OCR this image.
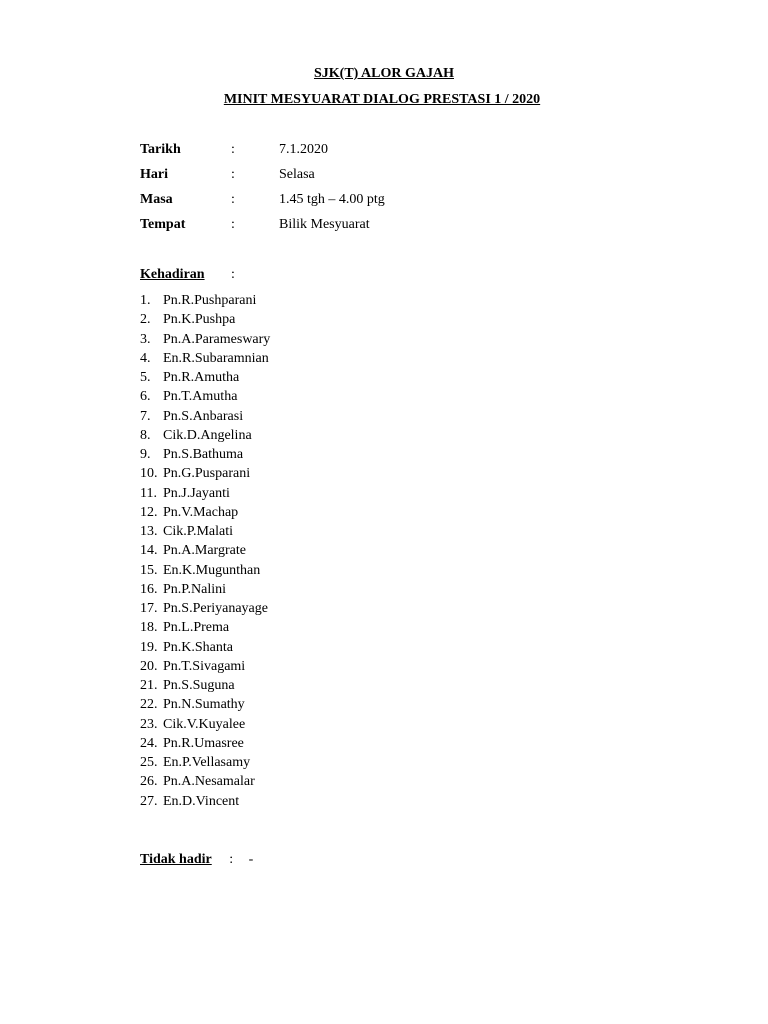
SJK(T) ALOR GAJAH
MINIT MESYUARAT DIALOG PRESTASI 1 / 2020
Tarikh	:	7.1.2020
Hari	:	Selasa
Masa	:	1.45 tgh – 4.00 ptg
Tempat	:	Bilik Mesyuarat
Kehadiran :
1. Pn.R.Pushparani
2. Pn.K.Pushpa
3. Pn.A.Parameswary
4. En.R.Subaramnian
5. Pn.R.Amutha
6. Pn.T.Amutha
7. Pn.S.Anbarasi
8. Cik.D.Angelina
9. Pn.S.Bathuma
10. Pn.G.Pusparani
11. Pn.J.Jayanti
12. Pn.V.Machap
13. Cik.P.Malati
14. Pn.A.Margrate
15. En.K.Mugunthan
16. Pn.P.Nalini
17. Pn.S.Periyanayage
18. Pn.L.Prema
19. Pn.K.Shanta
20. Pn.T.Sivagami
21. Pn.S.Suguna
22. Pn.N.Sumathy
23. Cik.V.Kuyalee
24. Pn.R.Umasree
25. En.P.Vellasamy
26. Pn.A.Nesamalar
27. En.D.Vincent
Tidak hadir : -
